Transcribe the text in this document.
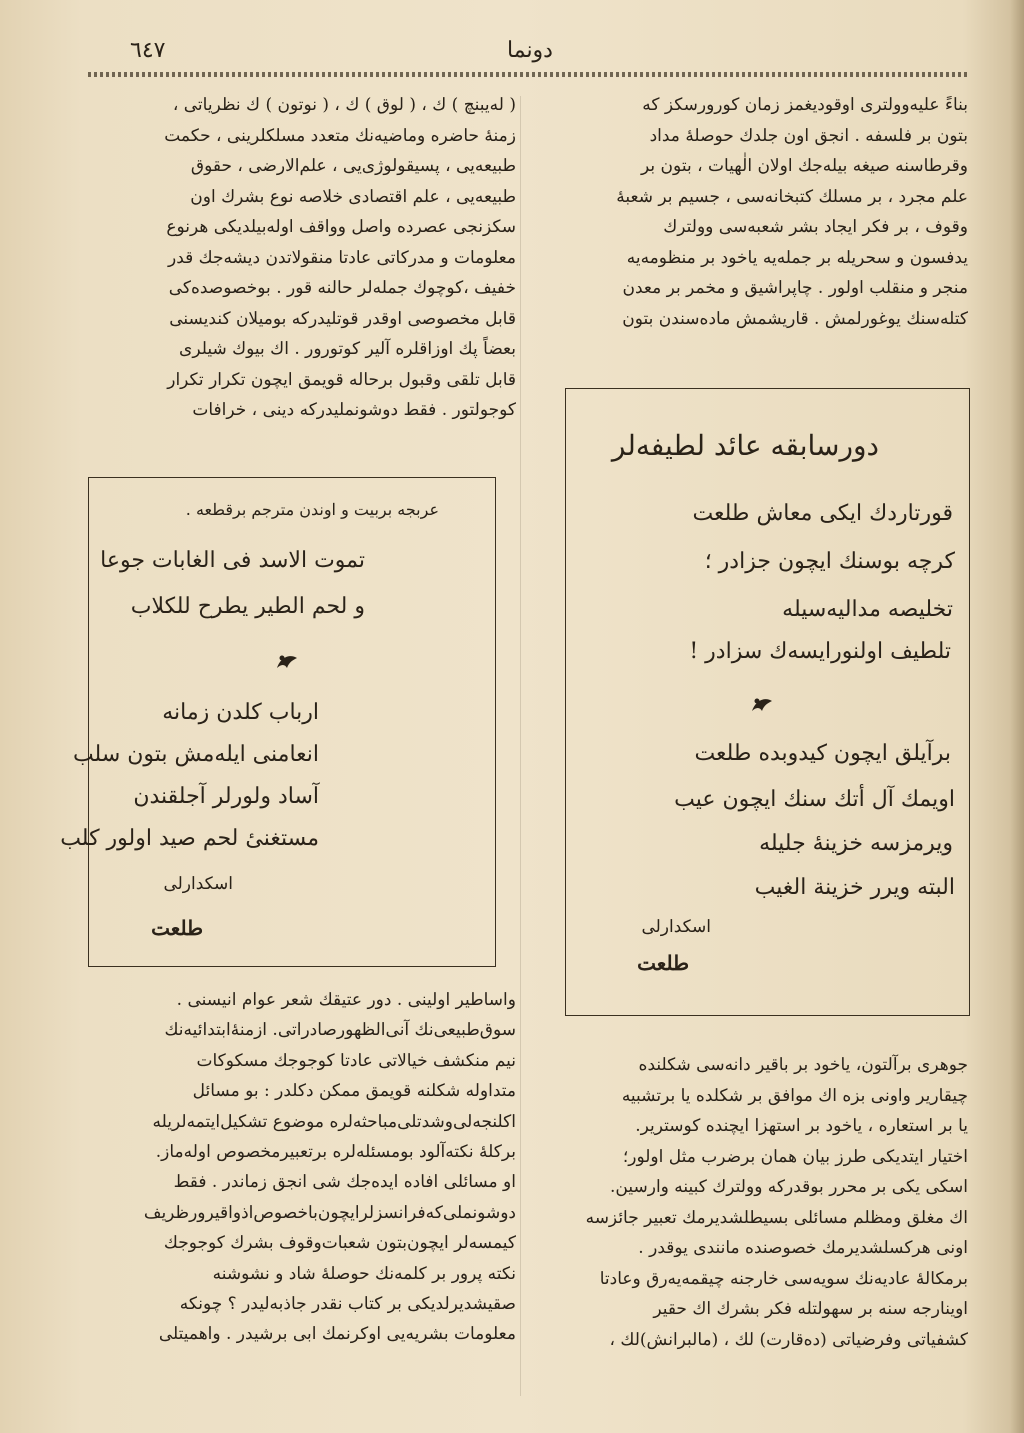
٦٤٧	دونما

بناءً علیه‌وولتری اوقودیغمز زمان کورورسکز که

بتون بر فلسفه . انجق اون جلدك حوصلهٔ مداد

وقرطاسنه صیغه بیله‌جك اولان الٰهیات ، بتون بر

علم مجرد ، بر مسلك کتبخانه‌سی ، جسیم بر شعبهٔ

وقوف ، بر فکر ایجاد بشر شعبه‌سی وولترك

یدفسون و سحریله بر جمله‌یه یاخود بر منظومه‌یه

منجر و منقلب اولور . چاپراشیق و مخمر بر معدن

کتله‌سنك یوغورلمش . قاریشمش ماده‌سندن بتون

دورسابقه عائد لطیفه‌لر
قورتاردك ایکی معاش طلعت
کرچه بوسنك ایچون جزادر ؛
تخلیصه مدالیه‌سیله
تلطیف اولنورایسه‌ك سزادر !
برآیلق ایچون کیدوبده طلعت
اویمك آل أتك سنك ایچون عیب
ویرمزسه خزینهٔ جلیله
البته ویرر خزینة الغیب
اسکدارلی
طلعت

جوهری برآلتون، یاخود بر باقیر دانه‌سی شکلنده

چیقاریر واونی بزه اك موافق بر شکلده یا برتشبیه

یا بر استعاره ، یاخود بر استهزا ایچنده کوستریر.

اختیار ایتدیکی طرز بیان همان برضرب مثل اولور؛

اسکی یکی بر محرر بوقدرکه وولترك کبینه وارسین.

اك مغلق ومظلم مسائلی بسیطلشدیرمك تعبیر جائزسه

اونی هرکسلشدیرمك خصوصنده مانندی یوقدر .

برمکالهٔ عادیه‌نك سویه‌سی خارجنه چیقمه‌یه‌رق وعادتا

اوینارجه سنه بر سهولتله فکر بشرك اك حقیر

کشفیاتی وفرضیاتی (دەقارت) لك ، (مالبرانش)لك ،

( لەیبنچ ) ك ، ( لوق ) ك ، ( نوتون ) ك نظریاتی ،

زمنهٔ حاضره وماضیه‌نك متعدد مسلکلرینی ، حکمت

طبیعه‌یی ، پسیقولوژی‌یی ، علم‌الارضی ، حقوق

طبیعه‌یی ، علم اقتصادی خلاصه نوع بشرك اون

سکزنجی عصرده واصل وواقف اوله‌بیلدیکی هرنوع

معلومات و مدرکاتی عادتا منقولاتدن دیشه‌جك قدر

خفیف ،کوچوك جمله‌لر حالنه قور . بوخصوصده‌کی

قابل مخصوصی اوقدر قوتلیدرکه بومیلان کندیسنی

بعضاً پك اوزاقلره آلیر کوتورور . اك بیوك شیلری

قابل تلقی وقبول برحاله قویمق ایچون تکرار تکرار

کوجولتور . فقط دوشونملیدرکه دینی ، خرافات

عربجه بربیت و اوندن مترجم برقطعه .
تموت الاسد فی الغابات جوعا
و لحم الطیر یطرح للکلاب
ارباب کلدن زمانه
انعامنی ایلەمش بتون سلب
آساد ولورلر آجلقندن
مستغنیٔ لحم صید اولور کلب
اسکدارلی
طلعت

واساطیر اولینی . دور عتیقك شعر عوام انیسنی .

سوق‌طبیعی‌نك آنی‌الظهورصادراتی. ازمنهٔ‌ابتدائیه‌نك

نیم منکشف خیالاتی عادتا کوجوجك مسکوکات

متداوله شکلنه قویمق ممکن دکلدر : بو مسائل

اکلنجه‌لی‌وشدتلی‌مباحثه‌لره موضوع تشکیل‌ایتمەلریله

برکلهٔ نکته‌آلود بومسئله‌لره برتعبیرمخصوص اوله‌ماز.

او مسائلی افاده ایده‌جك شی انجق زماندر . فقط

دوشونملی‌که‌فرانسزلرایچون‌باخصوص‌اذواقیرورظریف

کیمسه‌لر ایچون‌بتون شعبات‌وقوف بشرك کوجوجك

نکته پرور بر کلمه‌نك حوصلهٔ شاد و نشوشنه

صقیشدیرلدیکی بر کتاب نقدر جاذبه‌لیدر ؟ چونکه

معلومات بشریه‌یی اوکرنمك ابی برشیدر . واهمیتلی
